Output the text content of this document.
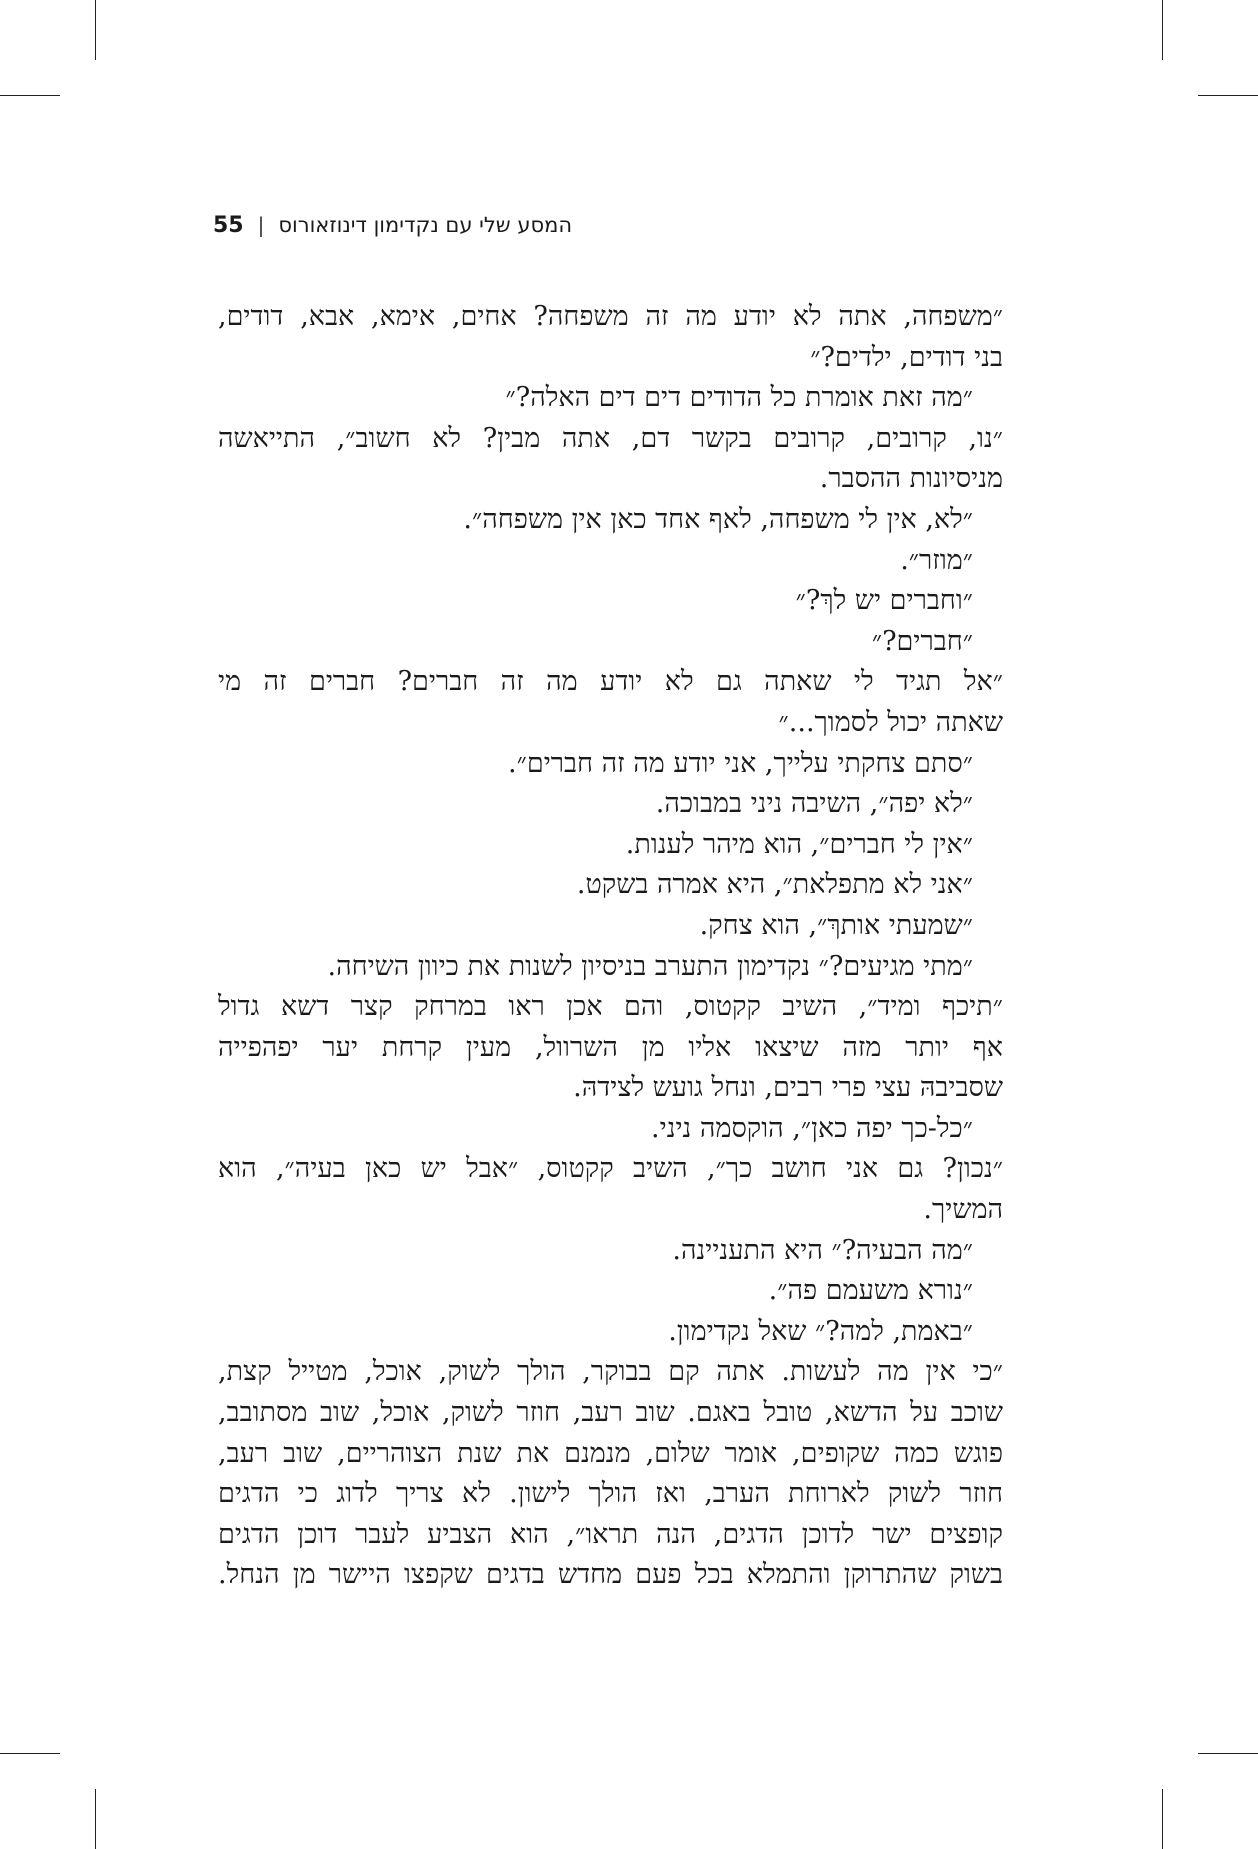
55 | המסע שלי עם נקדימון דינוזאורוס
״משפחה, אתה לא יודע מה זה משפחה? אחים, אימא, אבא, דודים,
בני דודים, ילדים?״
״מה זאת אומרת כל הדודים דים דים האלה?״
״נו, קרובים, קרובים בקשר דם, אתה מבין? לא חשוב״, התייאשה
מניסיונות ההסבר.
״לא, אין לי משפחה, לאף אחד כאן אין משפחה״.
״מוזר״.
״וחברים יש לךְ?״
״חברים?״
״אל תגיד לי שאתה גם לא יודע מה זה חברים? חברים זה מי
שאתה יכול לסמוך...״
״סתם צחקתי עלייך, אני יודע מה זה חברים״.
״לא יפה״, השיבה ניני במבוכה.
״אין לי חברים״, הוא מיהר לענות.
״אני לא מתפלאת״, היא אמרה בשקט.
״שמעתי אותךְ״, הוא צחק.
״מתי מגיעים?״ נקדימון התערב בניסיון לשנות את כיוון השיחה.
״תיכף ומיד״, השיב קקטוס, והם אכן ראו במרחק קצר דשא גדול
אף יותר מזה שיצאו אליו מן השרוול, מעין קרחת יער יפהפייה
שסביבהּ עצי פרי רבים, ונחל גועש לצידהּ.
״כל-כך יפה כאן״, הוקסמה ניני.
״נכון? גם אני חושב כך״, השיב קקטוס, ״אבל יש כאן בעיה״, הוא
המשיך.
״מה הבעיה?״ היא התעניינה.
״נורא משעמם פה״.
״באמת, למה?״ שאל נקדימון.
״כי אין מה לעשות. אתה קם בבוקר, הולך לשוק, אוכל, מטייל קצת,
שוכב על הדשא, טובל באגם. שוב רעב, חוזר לשוק, אוכל, שוב מסתובב,
פוגש כמה שקופים, אומר שלום, מנמנם את שנת הצוהריים, שוב רעב,
חוזר לשוק לארוחת הערב, ואז הולך לישון. לא צריך לדוג כי הדגים
קופצים ישר לדוכן הדגים, הנה תראו״, הוא הצביע לעבר דוכן הדגים
בשוק שהתרוקן והתמלא בכל פעם מחדש בדגים שקפצו היישר מן הנחל.
